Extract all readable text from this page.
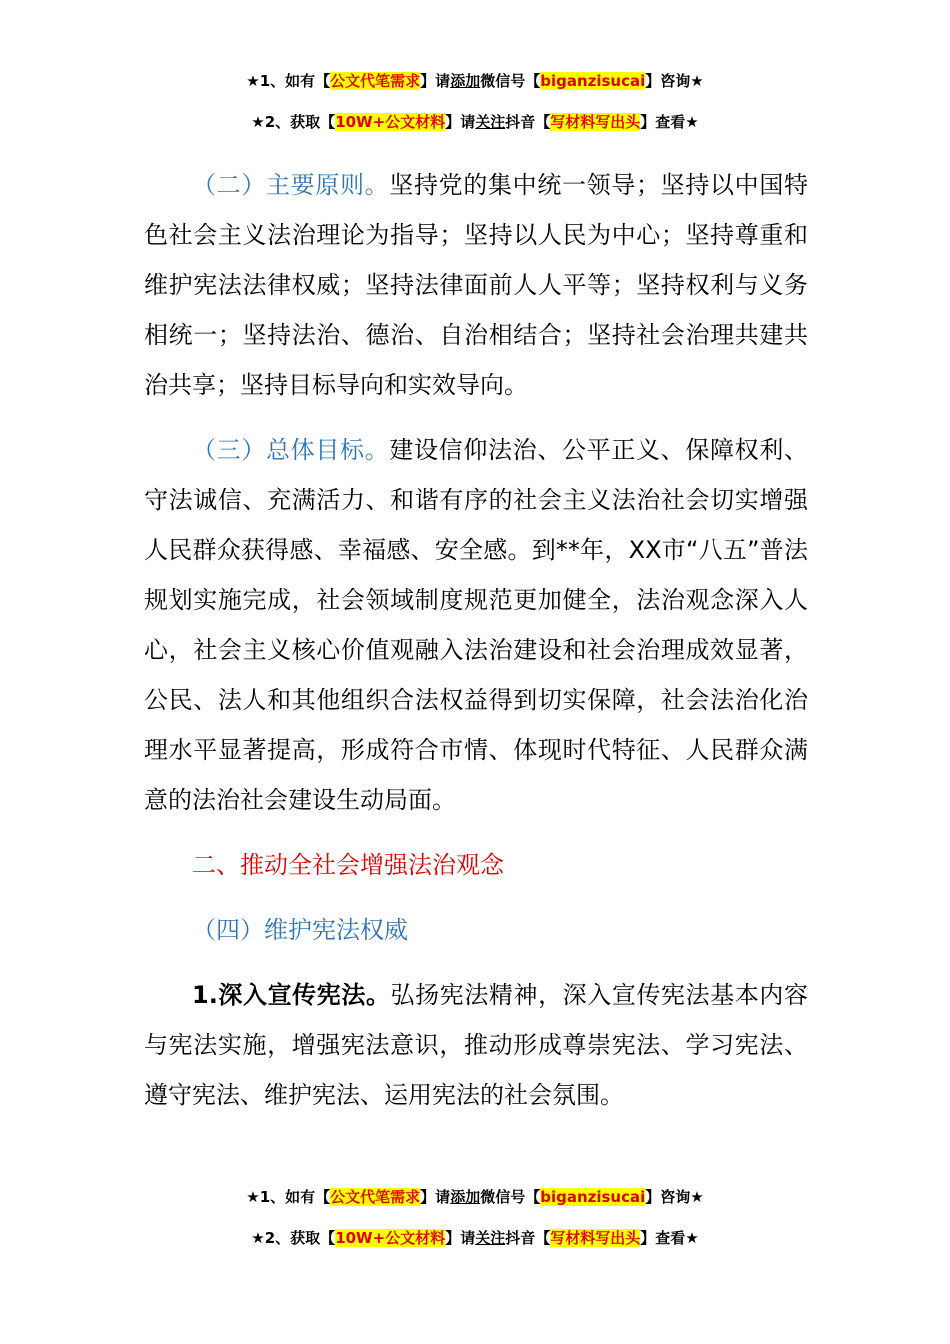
★1、如有【公文代笔需求】请添加微信号【biganzisucai】咨询★
★2、获取【10W+公文材料】请关注抖音【写材料写出头】查看★

（二）主要原则。坚持党的集中统一领导；坚持以中国特色社会主义法治理论为指导；坚持以人民为中心；坚持尊重和维护宪法法律权威；坚持法律面前人人平等；坚持权利与义务相统一；坚持法治、德治、自治相结合；坚持社会治理共建共治共享；坚持目标导向和实效导向。

（三）总体目标。建设信仰法治、公平正义、保障权利、守法诚信、充满活力、和谐有序的社会主义法治社会切实增强人民群众获得感、幸福感、安全感。到**年，XX市“八五”普法规划实施完成，社会领域制度规范更加健全，法治观念深入人心，社会主义核心价值观融入法治建设和社会治理成效显著，公民、法人和其他组织合法权益得到切实保障，社会法治化治理水平显著提高，形成符合市情、体现时代特征、人民群众满意的法治社会建设生动局面。

二、推动全社会增强法治观念

（四）维护宪法权威

1.深入宣传宪法。弘扬宪法精神，深入宣传宪法基本内容与宪法实施，增强宪法意识，推动形成尊崇宪法、学习宪法、遵守宪法、维护宪法、运用宪法的社会氛围。

★1、如有【公文代笔需求】请添加微信号【biganzisucai】咨询★
★2、获取【10W+公文材料】请关注抖音【写材料写出头】查看★
